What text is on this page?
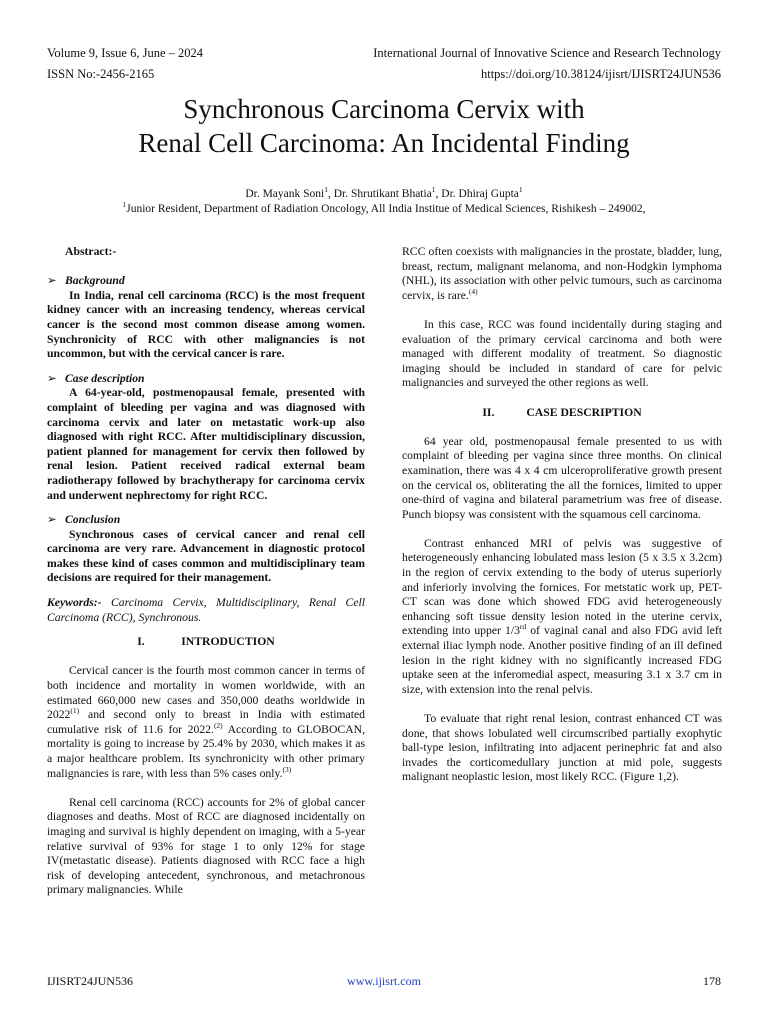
Volume 9, Issue 6, June – 2024	International Journal of Innovative Science and Research Technology
ISSN No:-2456-2165	https://doi.org/10.38124/ijisrt/IJISRT24JUN536
Synchronous Carcinoma Cervix with
Renal Cell Carcinoma: An Incidental Finding
Dr. Mayank Soni$^1$, Dr. Shrutikant Bhatia$^1$, Dr. Dhiraj Gupta$^1$
$^1$Junior Resident, Department of Radiation Oncology, All India Institue of Medical Sciences, Rishikesh – 249002,

Abstract:-

➢ Background

In India, renal cell carcinoma (RCC) is the most frequent kidney cancer with an increasing tendency, whereas cervical cancer is the second most common disease among women. Synchronicity of RCC with other malignancies is not uncommon, but with the cervical cancer is rare.

➢ Case description

A 64-year-old, postmenopausal female, presented with complaint of bleeding per vagina and was diagnosed with carcinoma cervix and later on metastatic work-up also diagnosed with right RCC. After multidisciplinary discussion, patient planned for management for cervix then followed by renal lesion. Patient received radical external beam radiotherapy followed by brachytherapy for carcinoma cervix and underwent nephrectomy for right RCC.

➢ Conclusion

Synchronous cases of cervical cancer and renal cell carcinoma are very rare. Advancement in diagnostic protocol makes these kind of cases common and multidisciplinary team decisions are required for their management.

Keywords:- Carcinoma Cervix, Multidisciplinary, Renal Cell Carcinoma (RCC), Synchronous.

I.	INTRODUCTION

Cervical cancer is the fourth most common cancer in terms of both incidence and mortality in women worldwide, with an estimated 660,000 new cases and 350,000 deaths worldwide in 2022$^{(1)}$ and second only to breast in India with estimated cumulative risk of 11.6 for 2022.$^{(2)}$ According to GLOBOCAN, mortality is going to increase by 25.4% by 2030, which makes it as a major healthcare problem. Its synchronicity with other primary malignancies is rare, with less than 5% cases only.$^{(3)}$

Renal cell carcinoma (RCC) accounts for 2% of global cancer diagnoses and deaths. Most of RCC are diagnosed incidentally on imaging and survival is highly dependent on imaging, with a 5-year relative survival of 93% for stage 1 to only 12% for stage IV(metastatic disease). Patients diagnosed with RCC face a high risk of developing antecedent, synchronous, and metachronous primary malignancies. While

RCC often coexists with malignancies in the prostate, bladder, lung, breast, rectum, malignant melanoma, and non-Hodgkin lymphoma (NHL), its association with other pelvic tumours, such as carcinoma cervix, is rare.$^{(4)}$

In this case, RCC was found incidentally during staging and evaluation of the primary cervical carcinoma and both were managed with different modality of treatment. So diagnostic imaging should be included in standard of care for pelvic malignancies and surveyed the other regions as well.

II.	CASE DESCRIPTION

64 year old, postmenopausal female presented to us with complaint of bleeding per vagina since three months. On clinical examination, there was 4 x 4 cm ulceroproliferative growth present on the cervical os, obliterating the all the fornices, limited to upper one-third of vagina and bilateral parametrium was free of disease. Punch biopsy was consistent with the squamous cell carcinoma.

Contrast enhanced MRI of pelvis was suggestive of heterogeneously enhancing lobulated mass lesion (5 x 3.5 x 3.2cm) in the region of cervix extending to the body of uterus superiorly and inferiorly involving the fornices. For metstatic work up, PET-CT scan was done which showed FDG avid heterogeneously enhancing soft tissue density lesion noted in the uterine cervix, extending into upper 1/3rd of vaginal canal and also FDG avid left external iliac lymph node. Another positive finding of an ill defined lesion in the right kidney with no significantly increased FDG uptake seen at the inferomedial aspect, measuring 3.1 x 3.7 cm in size, with extension into the renal pelvis.

To evaluate that right renal lesion, contrast enhanced CT was done, that shows lobulated well circumscribed partially exophytic ball-type lesion, infiltrating into adjacent perinephric fat and also invades the corticomedullary junction at mid pole, suggests malignant neoplastic lesion, most likely RCC. (Figure 1,2).

IJISRT24JUN536	www.ijisrt.com	178
